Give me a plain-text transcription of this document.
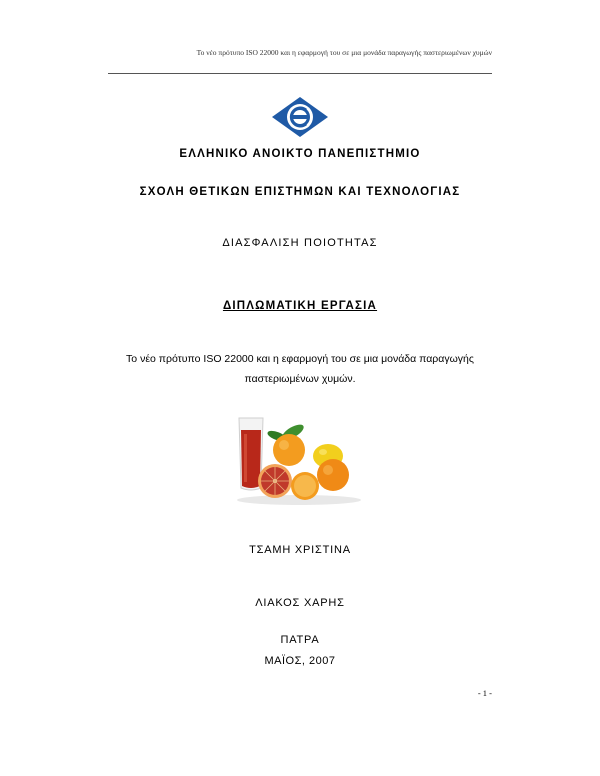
Το νέο πρότυπο ISO 22000 και η εφαρμογή του σε μια μονάδα παραγωγής παστεριωμένων χυμών
ΕΛΛΗΝΙΚΟ ΑΝΟΙΚΤΟ ΠΑΝΕΠΙΣΤΗΜΙΟ
ΣΧΟΛΗ ΘΕΤΙΚΩΝ ΕΠΙΣΤΗΜΩΝ ΚΑΙ ΤΕΧΝΟΛΟΓΙΑΣ
ΔΙΑΣΦΑΛΙΣΗ ΠΟΙΟΤΗΤΑΣ
ΔΙΠΛΩΜΑΤΙΚΗ ΕΡΓΑΣΙΑ
Το νέο πρότυπο ISO 22000 και η εφαρμογή του σε μια μονάδα παραγωγής
παστεριωμένων χυμών.
ΤΣΑΜΗ ΧΡΙΣΤΙΝΑ
ΛΙΑΚΟΣ ΧΑΡΗΣ
ΠΑΤΡΑ
ΜΑΪΟΣ, 2007
- 1 -
